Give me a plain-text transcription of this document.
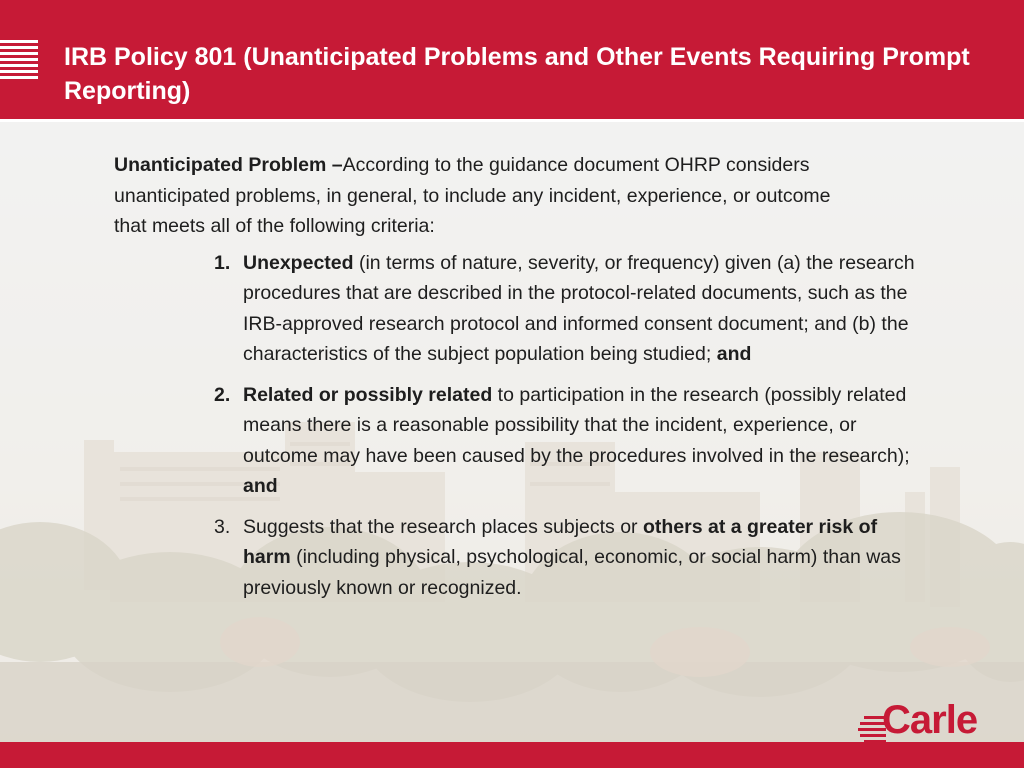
IRB Policy 801 (Unanticipated Problems and Other Events Requiring Prompt Reporting)

Unanticipated Problem –According to the guidance document OHRP considers unanticipated problems, in general, to include any incident, experience, or outcome that meets all of the following criteria:

1. Unexpected (in terms of nature, severity, or frequency) given (a) the research procedures that are described in the protocol-related documents, such as the IRB-approved research protocol and informed consent document; and (b) the characteristics of the subject population being studied; and
2. Related or possibly related to participation in the research (possibly related means there is a reasonable possibility that the incident, experience, or outcome may have been caused by the procedures involved in the research); and
3. Suggests that the research places subjects or others at a greater risk of harm (including physical, psychological, economic, or social harm) than was previously known or recognized.
Carle
